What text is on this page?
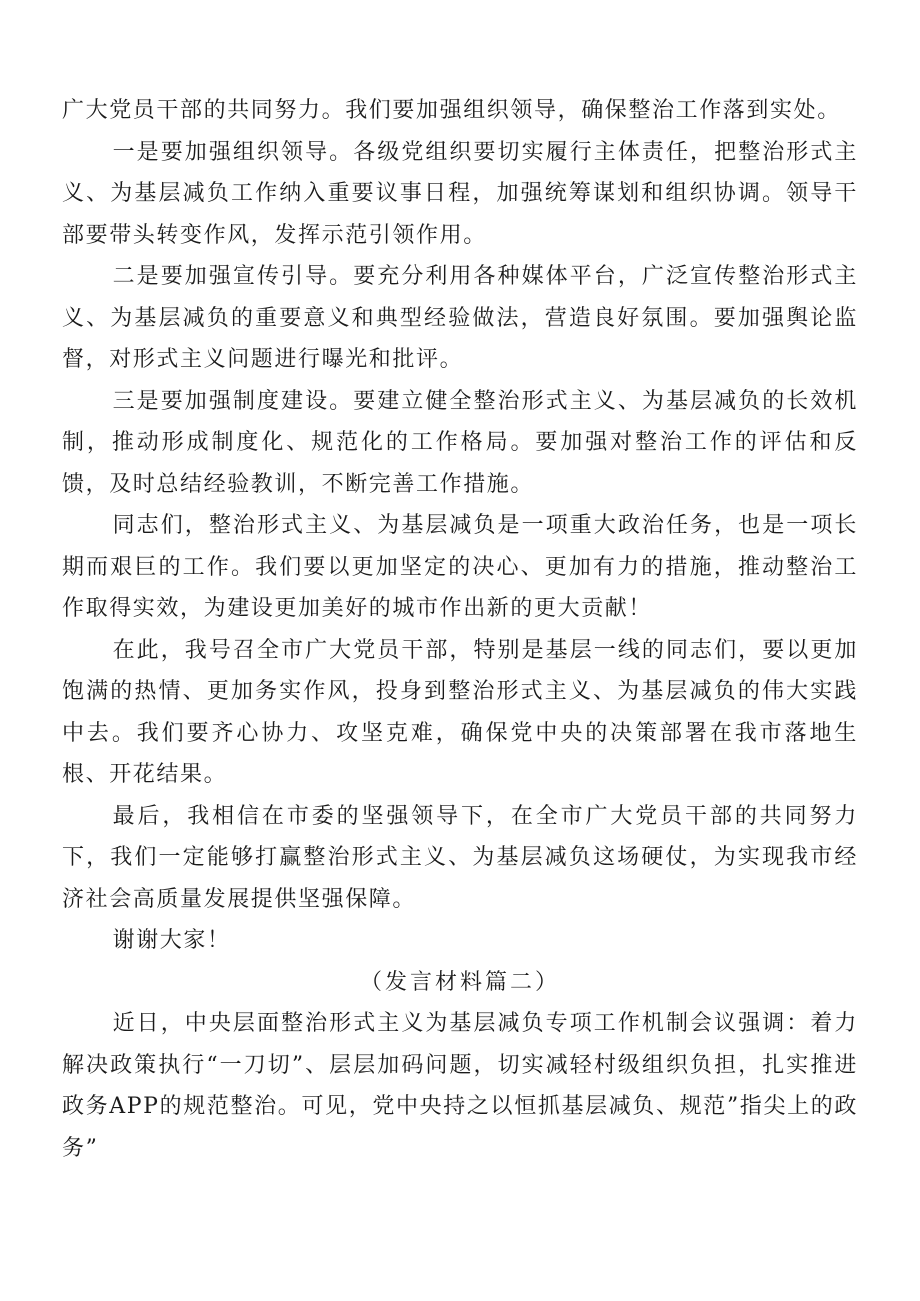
广大党员干部的共同努力。我们要加强组织领导，确保整治工作落到实处。

一是要加强组织领导。各级党组织要切实履行主体责任，把整治形式主义、为基层减负工作纳入重要议事日程，加强统筹谋划和组织协调。领导干部要带头转变作风，发挥示范引领作用。

二是要加强宣传引导。要充分利用各种媒体平台，广泛宣传整治形式主义、为基层减负的重要意义和典型经验做法，营造良好氛围。要加强舆论监督，对形式主义问题进行曝光和批评。

三是要加强制度建设。要建立健全整治形式主义、为基层减负的长效机制，推动形成制度化、规范化的工作格局。要加强对整治工作的评估和反馈，及时总结经验教训，不断完善工作措施。

同志们，整治形式主义、为基层减负是一项重大政治任务，也是一项长期而艰巨的工作。我们要以更加坚定的决心、更加有力的措施，推动整治工作取得实效，为建设更加美好的城市作出新的更大贡献！

在此，我号召全市广大党员干部，特别是基层一线的同志们，要以更加饱满的热情、更加务实作风，投身到整治形式主义、为基层减负的伟大实践中去。我们要齐心协力、攻坚克难，确保党中央的决策部署在我市落地生根、开花结果。

最后，我相信在市委的坚强领导下，在全市广大党员干部的共同努力下，我们一定能够打赢整治形式主义、为基层减负这场硬仗，为实现我市经济社会高质量发展提供坚强保障。

谢谢大家！

（发言材料篇二）

近日，中央层面整治形式主义为基层减负专项工作机制会议强调：着力解决政策执行“一刀切”、层层加码问题，切实减轻村级组织负担，扎实推进政务APP的规范整治。可见，党中央持之以恒抓基层减负、规范”指尖上的政务”
